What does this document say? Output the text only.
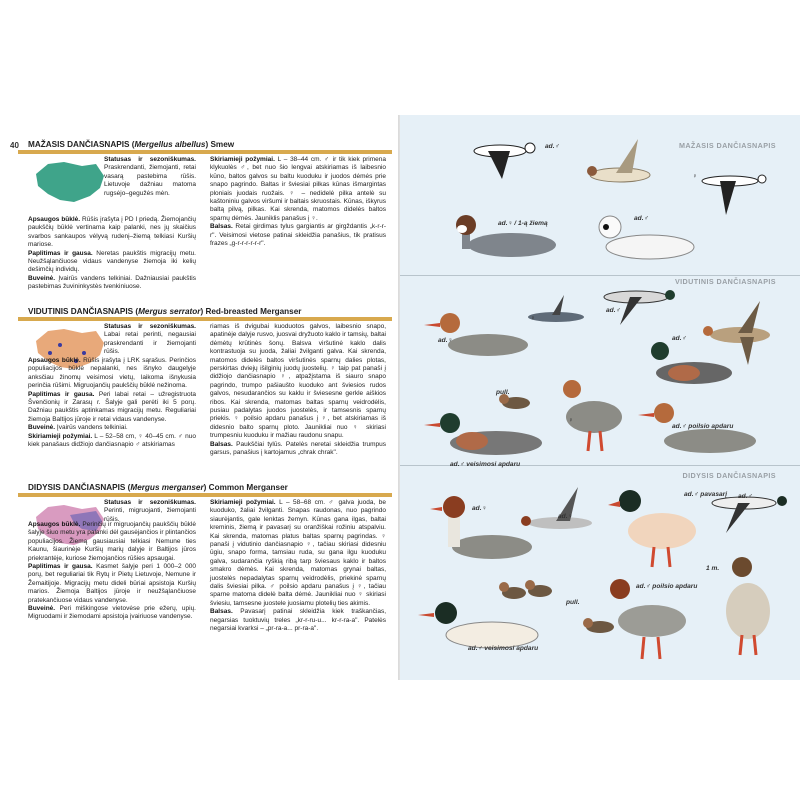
40 MAŽASIS DANČIASNAPIS (Mergellus albellus) Smew

Statusas ir sezoniškumas. Praskrendanti, žiemojanti, retai vasarą pastebima rūšis. Lietuvoje dažniau matoma rugsėjo–gegužės mėn.

Apsaugos būklė. Rūšis įrašyta į PD I priedą. Žiemojančių paukščių būklė vertinama kaip palanki, nes jų skaičius svarbos sankaupos vėlyvą rudenį–žiemą telkiasi Kuršių mariose.

Paplitimas ir gausa. Neretas paukštis migracijų metu. Neužšąlančiuose vidaus vandenyse žiemoja iki kelių dešimčių individų.

Buveinė. Įvairūs vandens telkiniai. Dažniausiai paukštis pastebimas žuvininkystės tvenkiniuose.

Skiriamieji požymiai. L – 38–44 cm. ♂ ir tik kiek primena klykuolės ♂, bet nuo šio lengvai atskiriamas iš laibesnio kūno, baltos galvos su baltu kuoduku ir juodos dėmės prie snapo pagrindo. Baltas ir šviesiai pilkas kūnas išmargintas ploniais juodais ruožais. ♀ – nedidelė pilka antelė su kaštoniniu galvos viršumi ir baltais skruostais. Kūnas, iškyrus baltą pilvą, pilkas. Kai skrenda, matomos didelės baltos sparnų dėmės. Jauniklis panašus į ♀.

Balsas. Retai girdimas tylus gargiantis ar girgždantis „k-r-r-r". Veisimosi vietose patinai skleidžia panašius, tik pratisus frazes „g-r-r-r-r-r-r".

VIDUTINIS DANČIASNAPIS (Mergus serrator) Red-breasted Merganser

Statusas ir sezoniškumas. Labai retai perinti, negausiai praskrendanti ir žiemojanti rūšis.

Apsaugos būklė. Rūšis įrašyta į LRK sąrašus. Perinčios populiacijos būklė nepalanki, nes išnyko daugelyje anksčiau žinomų veisimosi vietų, laikoma išnykusia perinčia rūšimi. Migruojančių paukščių būklė nežinoma.

Paplitimas ir gausa. Peri labai retai – užregistruota Švenčionių ir Zarasų r. Šalyje gali perėti iki 5 porų. Dažniau paukštis aptinkamas migracijų metu. Reguliariai žiemoja Baltijos jūroje ir retai vidaus vandenyse.

Buveinė. Įvairūs vandens telkiniai.

Skiriamieji požymiai. L – 52–58 cm, ♀ 40–45 cm. ♂ nuo kiek panašaus didžiojo dančiasnapio ♂ atskiriamas

riamas iš dvigubai kuoduotos galvos, laibesnio snapo, apatinėje dalyje rusvo, juosvai dryžuoto kaklo ir tamsių, baltai dėmėtų krūtinės šonų. Balsva viršutinė kaklo dalis kontrastuoja su juoda, žaliai žvilganti galva. Kai skrenda, matomos didelės baltos viršutinės sparnų dalies plotas, perskirtas dviejų išilginių juodų juostelių. ♀ taip pat panaši į didžiojo dančiasnapio ♀, atpažįstama iš siauro snapo pagrindo, trumpo pašiaušto kuoduko ant šviesios rudos galvos, nesudarančios su kaklu ir šviesesne gerkle aiškios ribos. Kai skrenda, matomas baltas sparnų veidrodėlis, pusiau padalytas juodos juostelės, ir tamsesnis sparnų priekis. ♀ poilsio apdaru panašus į ♀, bet atskiriamas iš didesnio balto sparnų ploto. Jaunikliai nuo ♀ skiriasi trumpesniu kuoduku ir mažiau raudonu snapu.

Balsas. Paukščiai tylūs. Patelės neretai skleidžia trumpus garsus, panašius į kartojamus „chrak chrak".

DIDYSIS DANČIASNAPIS (Mergus merganser) Common Merganser

Statusas ir sezoniškumas. Perinti, migruojanti, žiemojanti rūšis.

Apsaugos būklė. Perinčių ir migruojančių paukščių būklė šalyje šiuo metu yra palanki dėl gausėjančios ir plintančios populiacijos. Žiemą gausiausiai telkiasi Nemune ties Kaunu, šiaurinėje Kuršių marių dalyje ir Baltijos jūros priekrantėje, kuriose žiemojančios rūšies apsaugai.

Paplitimas ir gausa. Kasmet šalyje peri 1 000–2 000 porų, bet reguliariai tik Rytų ir Pietų Lietuvoje, Nemune ir Žemaitijoje. Migracijų metu dideli būriai apsistoja Kuršių marios. Žiemoja Baltijos jūroje ir neužšąlančiuose pratekančiuose vidaus vandenyse.

Buveinė. Peri miškingose vietovėse prie ežerų, upių. Migruodami ir žiemodami apsistoja įvairiuose vandenyse.

Skiriamieji požymiai. L – 58–68 cm. ♂ galva juoda, be kuoduko, žaliai žvilganti. Snapas raudonas, nuo pagrindo siaurėjantis, gale lenktas žemyn. Kūnas gana ilgas, baltai kreminis, žiemą ir pavasarį su oranžiškai rožiniu atspalviu. Kai skrenda, matomas platus baltas sparnų pagrindas. ♀ panaši į vidutinio dančiasnapio ♀, tačiau skiriasi didesniu ūgiu, snapo forma, tamsiau ruda, su gana ilgu kuoduku galva, sudarančia ryškią ribą tarp šviesaus kaklo ir baltos smakro dėmės. Kai skrenda, matomas grynai baltas, juostelės nepadalytas sparnų veidrodėlis, priekinė sparnų dalis šviesiai pilka. ♂ poilsio apdaru panašus į ♀, tačiau sparne matoma didelė balta dėmė. Jaunikliai nuo ♀ skiriasi šviesiu, tamsesne juostele juosiamu plotelių ties akimis.

Balsas. Pavasarį patinai skleidžia kiek traškančias, negarsias tuoktuvių treles „kr-r-ru-u... kr-r-ra-a". Patelės negarsiai kvarksi – „pr-ra-a... pr-ra-a".

MAŽASIS DANČIASNAPIS
VIDUTINIS DANČIASNAPIS
DIDYSIS DANČIASNAPIS
ad.♂
♀
ad.♀ / 1-ą žiemą
ad.♂
ad.♀
♀
ad.♂
ad.♂
pull.
♀
ad.♂ poilsio apdaru
ad.♂ veisimosi apdaru
ad.♀
ad.♀
ad.♂ pavasarį ad.♂
1 m.
pull.
ad.♂ poilsio apdaru
ad.♂ veisimosi apdaru
